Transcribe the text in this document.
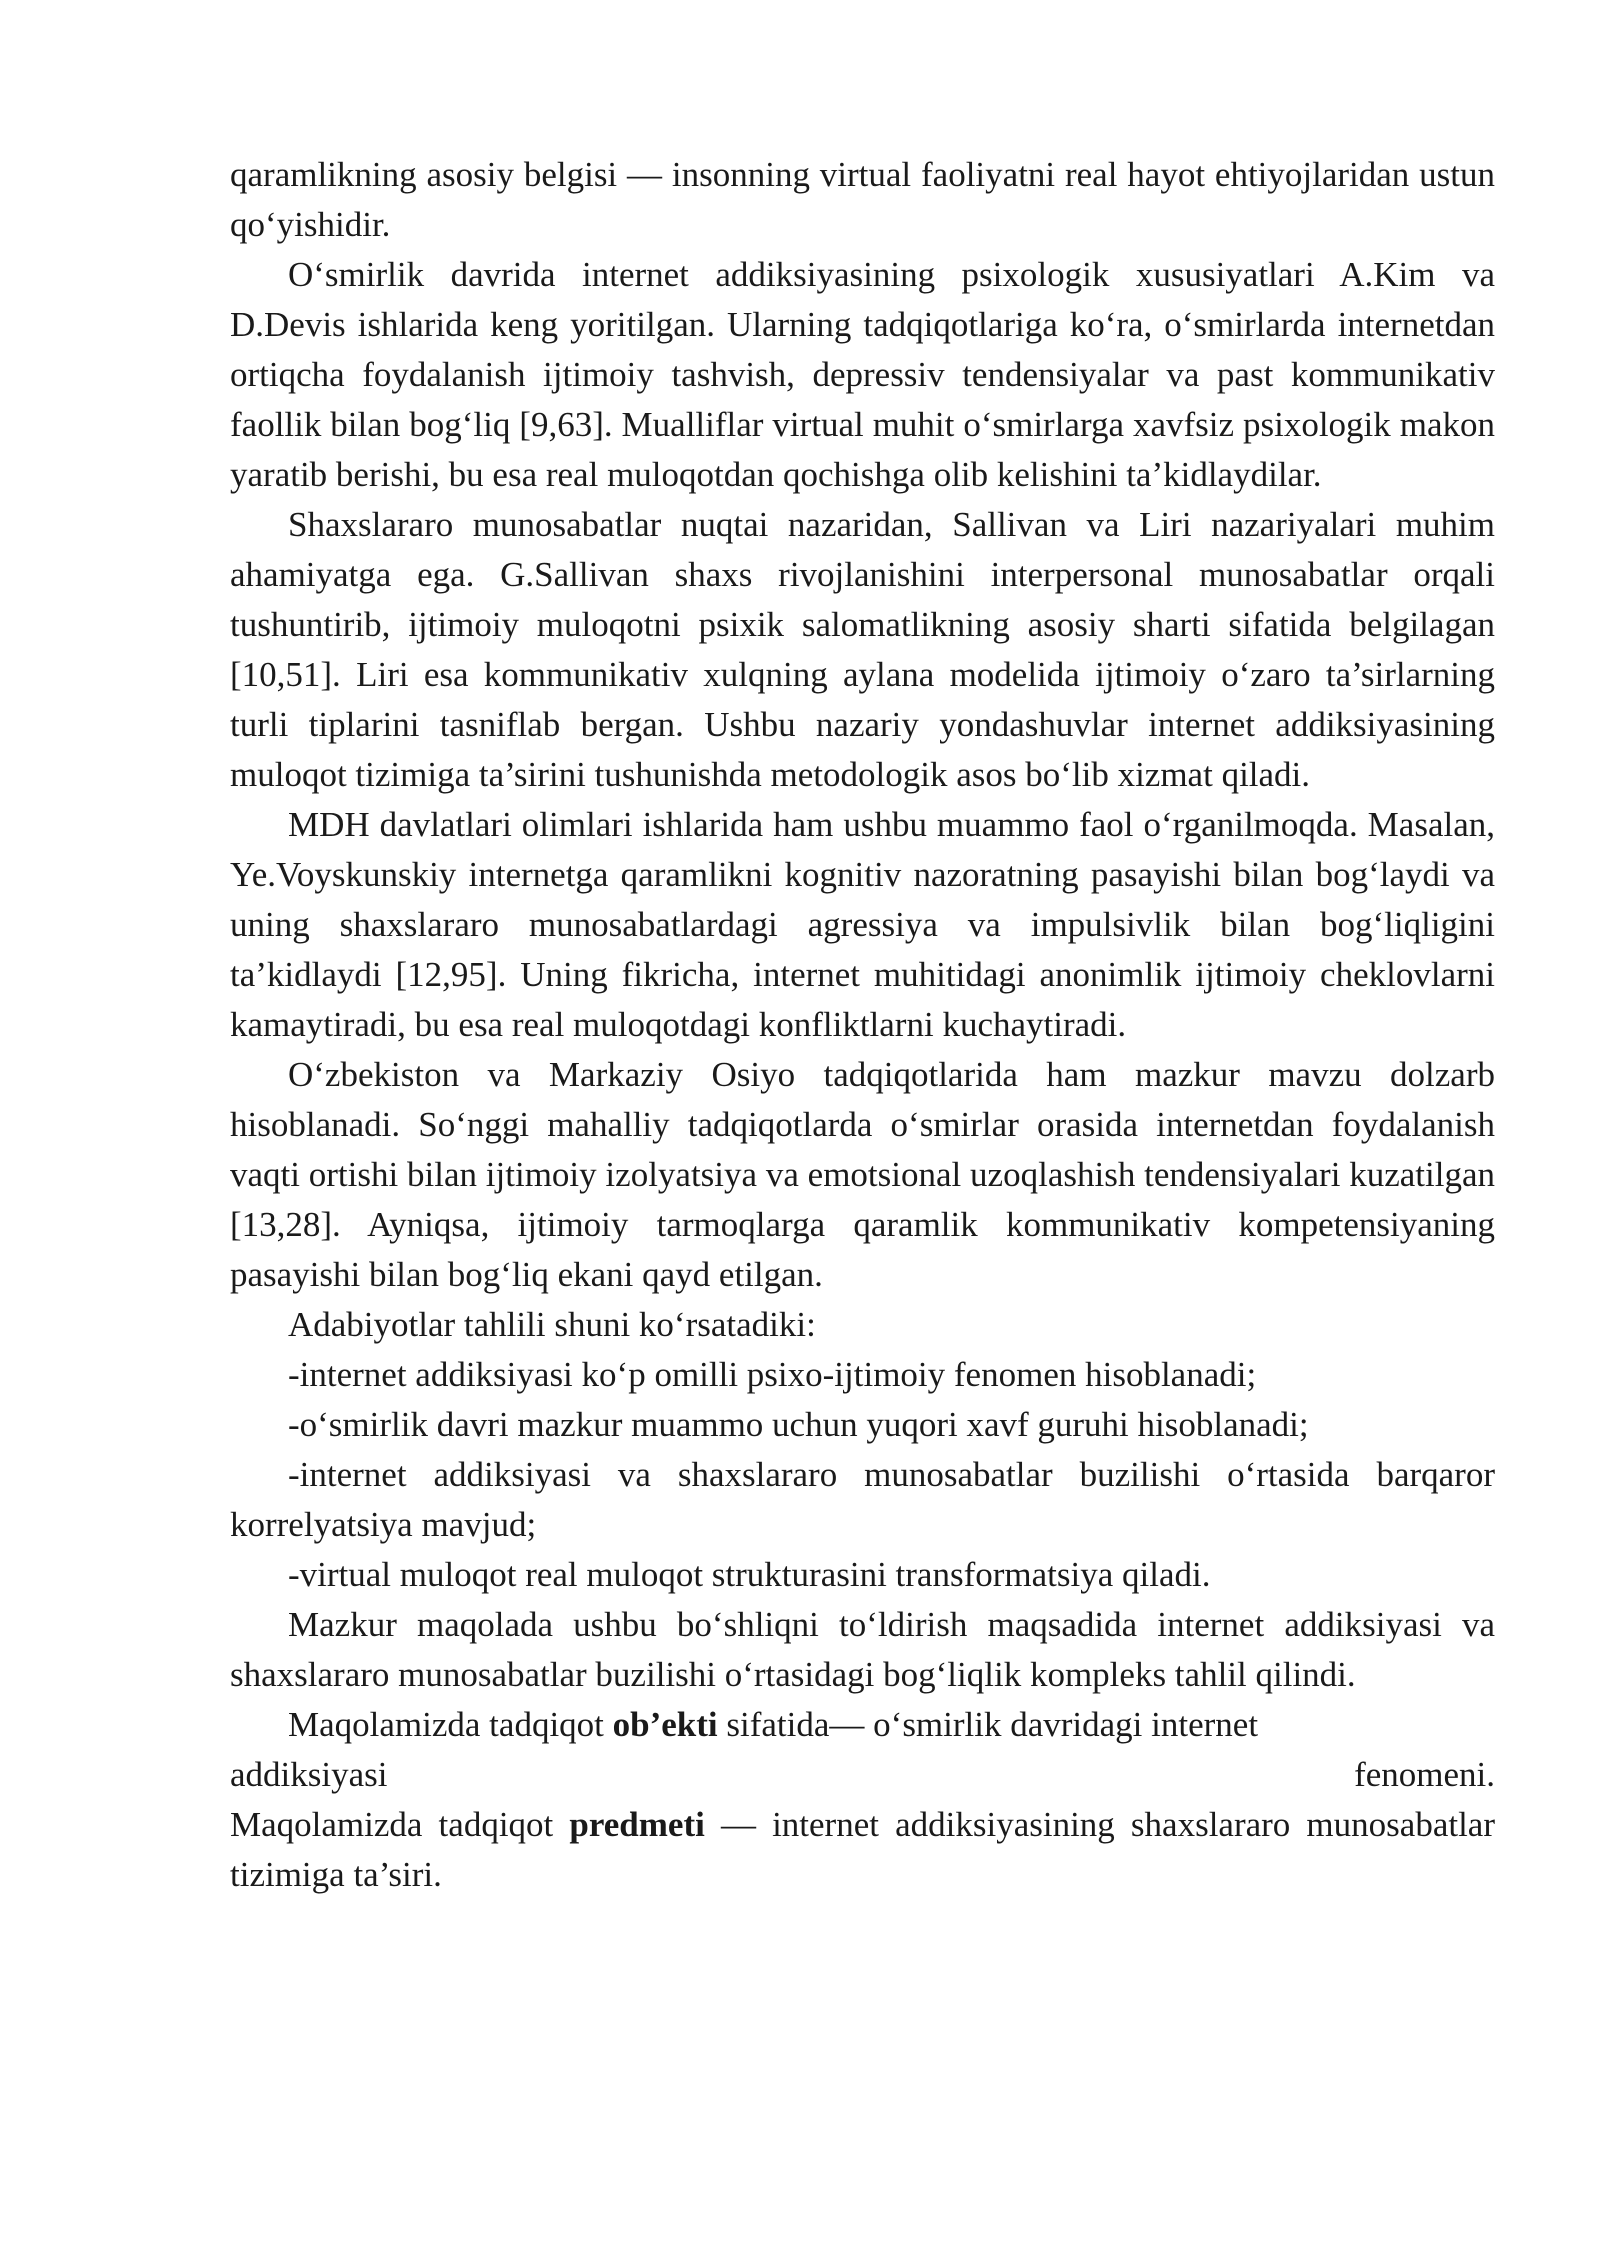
qaramlikning asosiy belgisi — insonning virtual faoliyatni real hayot ehtiyojlaridan ustun qo‘yishidir.

O‘smirlik davrida internet addiksiyasining psixologik xususiyatlari A.Kim va D.Devis ishlarida keng yoritilgan. Ularning tadqiqotlariga ko‘ra, o‘smirlarda internetdan ortiqcha foydalanish ijtimoiy tashvish, depressiv tendensiyalar va past kommunikativ faollik bilan bog‘liq [9,63]. Mualliflar virtual muhit o‘smirlarga xavfsiz psixologik makon yaratib berishi, bu esa real muloqotdan qochishga olib kelishini ta’kidlaydilar.

Shaxslararo munosabatlar nuqtai nazaridan, Sallivan va Liri nazariyalari muhim ahamiyatga ega. G.Sallivan shaxs rivojlanishini interpersonal munosabatlar orqali tushuntirib, ijtimoiy muloqotni psixik salomatlikning asosiy sharti sifatida belgilagan [10,51]. Liri esa kommunikativ xulqning aylana modelida ijtimoiy o‘zaro ta’sirlarning turli tiplarini tasniflab bergan. Ushbu nazariy yondashuvlar internet addiksiyasining muloqot tizimiga ta’sirini tushunishda metodologik asos bo‘lib xizmat qiladi.

MDH davlatlari olimlari ishlarida ham ushbu muammo faol o‘rganilmoqda. Masalan, Ye.Voyskunskiy internetga qaramlikni kognitiv nazoratning pasayishi bilan bog‘laydi va uning shaxslararo munosabatlardagi agressiya va impulsivlik bilan bog‘liqligini ta’kidlaydi [12,95]. Uning fikricha, internet muhitidagi anonimlik ijtimoiy cheklovlarni kamaytiradi, bu esa real muloqotdagi konfliktlarni kuchaytiradi.

O‘zbekiston va Markaziy Osiyo tadqiqotlarida ham mazkur mavzu dolzarb hisoblanadi. So‘nggi mahalliy tadqiqotlarda o‘smirlar orasida internetdan foydalanish vaqti ortishi bilan ijtimoiy izolyatsiya va emotsional uzoqlashish tendensiyalari kuzatilgan [13,28]. Ayniqsa, ijtimoiy tarmoqlarga qaramlik kommunikativ kompetensiyaning pasayishi bilan bog‘liq ekani qayd etilgan.

Adabiyotlar tahlili shuni ko‘rsatadiki:

-internet addiksiyasi ko‘p omilli psixo-ijtimoiy fenomen hisoblanadi;

-o‘smirlik davri mazkur muammo uchun yuqori xavf guruhi hisoblanadi;

-internet addiksiyasi va shaxslararo munosabatlar buzilishi o‘rtasida barqaror korrelyatsiya mavjud;

-virtual muloqot real muloqot strukturasini transformatsiya qiladi.

Mazkur maqolada ushbu bo‘shliqni to‘ldirish maqsadida internet addiksiyasi va shaxslararo munosabatlar buzilishi o‘rtasidagi bog‘liqlik kompleks tahlil qilindi.

Maqolamizda tadqiqot ob’ekti sifatida— o‘smirlik davridagi internet

addiksiyasi	fenomeni.

Maqolamizda tadqiqot predmeti — internet addiksiyasining shaxslararo munosabatlar tizimiga ta’siri.
